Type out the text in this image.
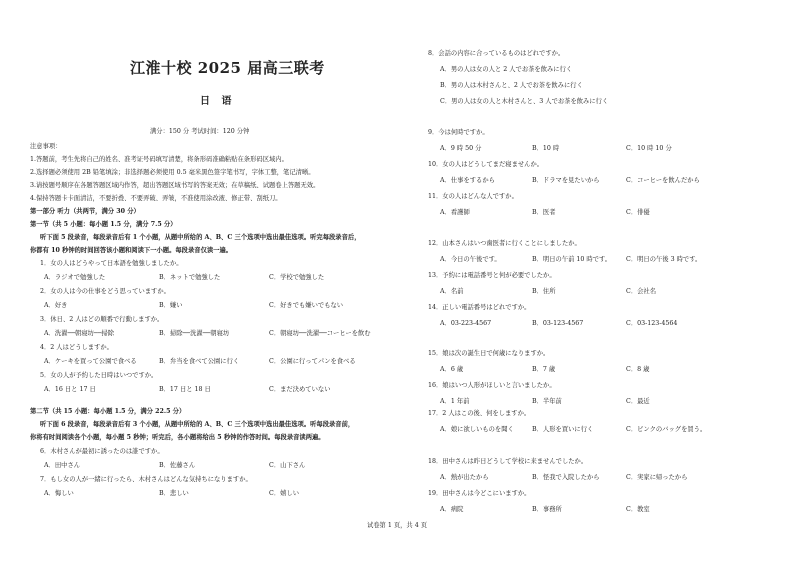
江淮十校 2025 届高三联考
日 语
满分：150 分 考试时间：120 分钟
注意事项：
1.答题前，考生先将自己的姓名、准考证号码填写清楚，将条形码准确粘贴在条形码区域内。
2.选择题必须使用 2B 铅笔填涂；非选择题必须使用 0.5 毫米黑色签字笔书写，字体工整，笔记清晰。
3.请按题号顺序在各题答题区域内作答，超出答题区域书写的答案无效；在草稿纸、试题卷上答题无效。
4.保持答题卡卡面清洁，不要折叠、不要弄破、弄皱，不准使用涂改液、修正带、刮纸刀。
第一部分 听力（共两节，满分 30 分）
第一节（共 5 小题：每小题 1.5 分，满分 7.5 分）
听下面 5 段录音，每段录音后有 1 个小题，从题中所给的 A、B、C 三个选项中选出最佳选项。听完每段录音后，
你都有 10 秒钟的时间回答该小题和阅读下一小题。每段录音仅读一遍。
1．女の人はどうやって日本語を勉強しましたか。
A．ラジオで勉強した	B．ネットで勉強した	C．学校で勉強した
2．女の人は今の仕事をどう思っていますか。
A．好き	B．嫌い	C．好きでも嫌いでもない
3．休日、2 人はどの順番で行動しますか。
A．洗濯──朝寝坊──掃除	B．掃除──洗濯──朝寝坊	C．朝寝坊──洗濯──コーヒーを飲む
4．2 人はどうしますか。
A．ケーキを買って公園で食べる	B．弁当を食べて公園に行く	C．公園に行ってパンを食べる
5．女の人が予約した日時はいつですか。
A．16 日と 17 日	B．17 日と 18 日	C．まだ決めていない
第二节（共 15 小题：每小题 1.5 分，满分 22.5 分）
听下面 6 段录音，每段录音后有 3 个小题，从题中所给的 A、B、C 三个选项中选出最佳选项。听每段录音前，
你将有时间阅读各个小题，每小题 5 秒钟；听完后，各小题将给出 5 秒钟的作答时间。每段录音读两遍。
6．木村さんが最初に誘ったのは誰ですか。
A．田中さん	B．佐藤さん	C．山下さん
7．もし女の人が一緒に行ったら、木村さんはどんな気持ちになりますか。
A．悔しい	B．悲しい	C．嬉しい
8．会話の内容に合っているものはどれですか。
A．男の人は女の人と 2 人でお茶を飲みに行く
B．男の人は木村さんと、2 人でお茶を飲みに行く
C．男の人は女の人と木村さんと、3 人でお茶を飲みに行く
9．今は何時ですか。
A．9 時 50 分	B．10 時	C．10 時 10 分
10．女の人はどうしてまだ寝ませんか。
A．仕事をするから	B．ドラマを見たいから	C．コーヒーを飲んだから
11．女の人はどんな人ですか。
A．看護師	B．医者	C．俳優
12．山本さんはいつ歯医者に行くことにしましたか。
A．今日の午後です。	B．明日の午前 10 時です。 C．明日の午後 3 時です。
13．予約には電話番号と何が必要でしたか。
A．名前	B．住所	C．会社名
14．正しい電話番号はどれですか。
A．03-223-4567	B．03-123-4567	C．03-123-4564
15．娘は次の誕生日で何歳になりますか。
A．6 歳	B．7 歳	C．8 歳
16．娘はいつ人形がほしいと言いましたか。
A．1 年前	B．半年前	C．最近
17．2 人はこの後、何をしますか。
A．娘に欲しいものを聞く	B．人形を買いに行く	C．ピンクのバッグを買う。
18．田中さんは昨日どうして学校に来ませんでしたか。
A．熱が出たから	B．怪我で入院したから	C．実家に帰ったから
19．田中さんは今どこにいますか。
A．病院	B．事務所	C．教室
试卷第 1 页，共 4 页
